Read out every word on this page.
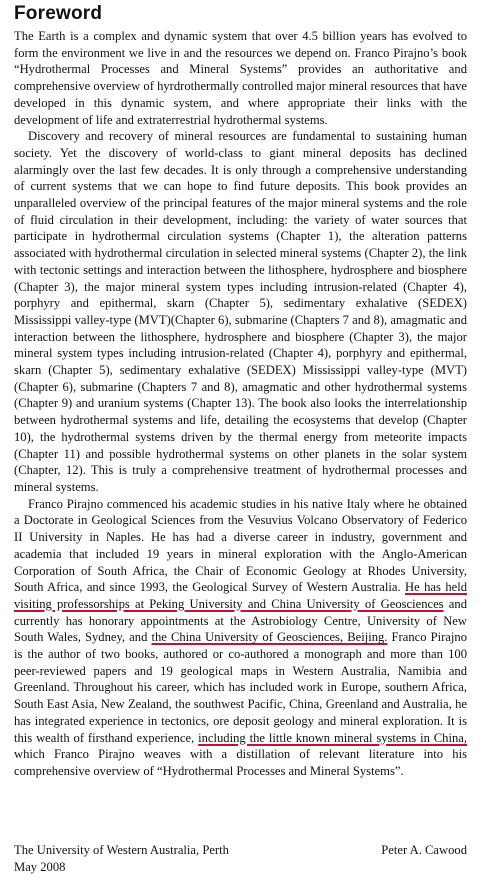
Foreword

The Earth is a complex and dynamic system that over 4.5 billion years has evolved to form the environment we live in and the resources we depend on. Franco Pirajno’s book “Hydrothermal Processes and Mineral Systems” provides an authoritative and comprehensive overview of hyrdrothermally controlled major mineral resources that have developed in this dynamic system, and where appropriate their links with the development of life and extraterrestrial hydrothermal systems.

Discovery and recovery of mineral resources are fundamental to sustaining human society. Yet the discovery of world-class to giant mineral deposits has declined alarmingly over the last few decades. It is only through a comprehensive understanding of current systems that we can hope to find future deposits. This book provides an unparalleled overview of the principal features of the major mineral systems and the role of fluid circulation in their development, including: the variety of water sources that participate in hydrothermal circulation systems (Chapter 1), the alteration patterns associated with hydrothermal circulation in selected mineral systems (Chapter 2), the link with tectonic settings and interaction between the lithosphere, hydrosphere and biosphere (Chapter 3), the major mineral system types including intrusion-related (Chapter 4), porphyry and epithermal, skarn (Chapter 5), sedimentary exhalative (SEDEX) Mississippi valley-type (MVT)(Chapter 6), submarine (Chapters 7 and 8), amagmatic and interaction between the lithosphere, hydrosphere and biosphere (Chapter 3), the major mineral system types including intrusion-related (Chapter 4), porphyry and epithermal, skarn (Chapter 5), sedimentary exhalative (SEDEX) Mississippi valley-type (MVT)(Chapter 6), submarine (Chapters 7 and 8), amagmatic and other hydrothermal systems (Chapter 9) and uranium systems (Chapter 13). The book also looks the interrelationship between hydrothermal systems and life, detailing the ecosystems that develop (Chapter 10), the hydrothermal systems driven by the thermal energy from meteorite impacts (Chapter 11) and possible hydrothermal systems on other planets in the solar system (Chapter, 12). This is truly a comprehensive treatment of hydrothermal processes and mineral systems.

Franco Pirajno commenced his academic studies in his native Italy where he obtained a Doctorate in Geological Sciences from the Vesuvius Volcano Observatory of Federico II University in Naples. He has had a diverse career in industry, government and academia that included 19 years in mineral exploration with the Anglo-American Corporation of South Africa, the Chair of Economic Geology at Rhodes University, South Africa, and since 1993, the Geological Survey of Western Australia. He has held visiting professorships at Peking University and China University of Geosciences and currently has honorary appointments at the Astrobiology Centre, University of New South Wales, Sydney, and the China University of Geosciences, Beijing. Franco Pirajno is the author of two books, authored or co-authored a monograph and more than 100 peer-reviewed papers and 19 geological maps in Western Australia, Namibia and Greenland. Throughout his career, which has included work in Europe, southern Africa, South East Asia, New Zealand, the southwest Pacific, China, Greenland and Australia, he has integrated experience in tectonics, ore deposit geology and mineral exploration. It is this wealth of firsthand experience, including the little known mineral systems in China, which Franco Pirajno weaves with a distillation of relevant literature into his comprehensive overview of “Hydrothermal Processes and Mineral Systems”.

The University of Western Australia, Perth	Peter A. Cawood
May 2008
